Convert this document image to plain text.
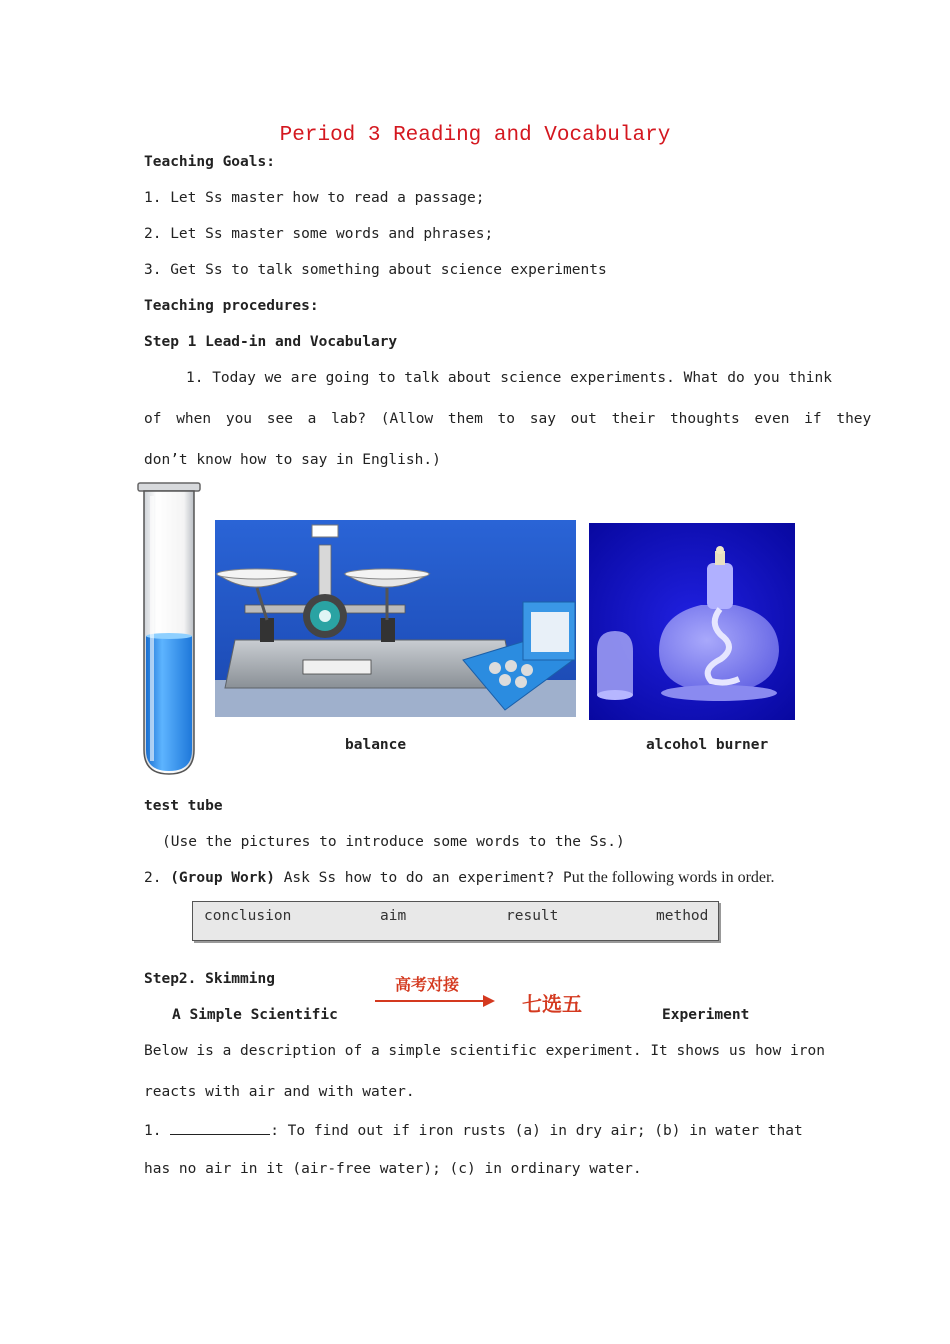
Period 3 Reading and Vocabulary
Teaching Goals:
1. Let Ss master how to read a passage;
2. Let Ss master some words and phrases;
3. Get Ss to talk something about science experiments
Teaching procedures:
Step 1 Lead-in and Vocabulary
1. Today we are going to talk about science experiments. What do you think
of when you see a lab? (Allow them to say out their thoughts even if they
don’t know how to say in English.)
balance	alcohol burner
test tube
(Use the pictures to introduce some words to the Ss.)
2. (Group Work) Ask Ss how to do an experiment? Put the following words in order.
conclusion	aim	result	method
Step2. Skimming	高考对接
七选五
A Simple Scientific	Experiment
Below is a description of a simple scientific experiment. It shows us how iron
reacts with air and with water.
1.	: To find out if iron rusts (a) in dry air; (b) in water that
has no air in it (air-free water); (c) in ordinary water.
